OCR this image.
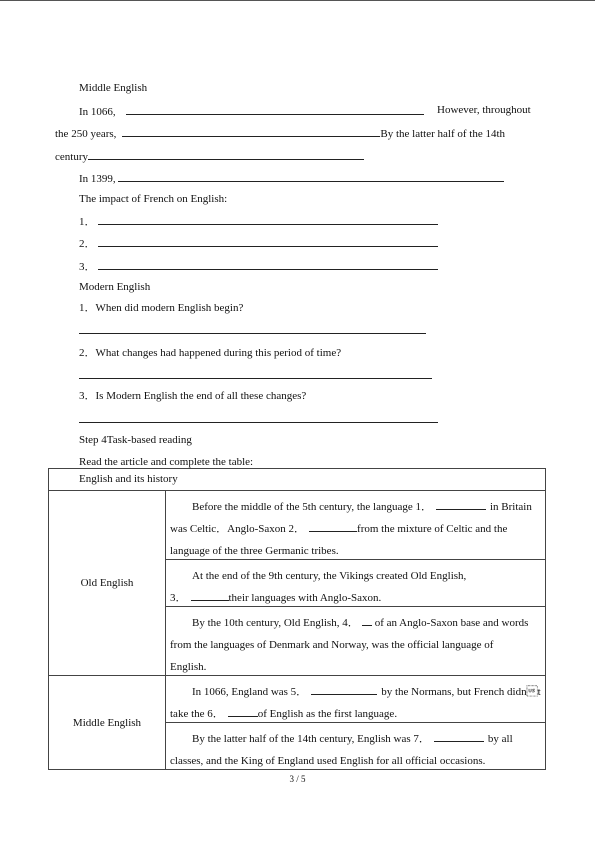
Middle English
In 1066,	However, throughout
the 250 years,	By the latter half of the 14th
century
In 1399,
The impact of French on English:
1．
2．
3．
Modern English
1．When did modern English begin?
2．What changes had happened during this period of time?
3．Is Modern English the end of all these changes?
Step 4Task-based reading
Read the article and complete the table:
English and its history	
Old English	Before the middle of the 5th century, the language 1． in Britain
was Celtic．Anglo-Saxon 2． from the mixture of Celtic and the
language of the three Germanic tribes.

	At the end of the 9th century, the Vikings created Old English,
3． their languages with Anglo-Saxon.

	By the 10th century, Old English, 4． of an Anglo-Saxon base and words
from the languages of Denmark and Norway, was the official language of
English.

Middle English	In 1066, England was 5． by the Normans, but French didnt
take the 6． of English as the first language.

	By the latter half of the 14th century, English was 7． by all
classes, and the King of England used English for all official occasions.
3 / 5
